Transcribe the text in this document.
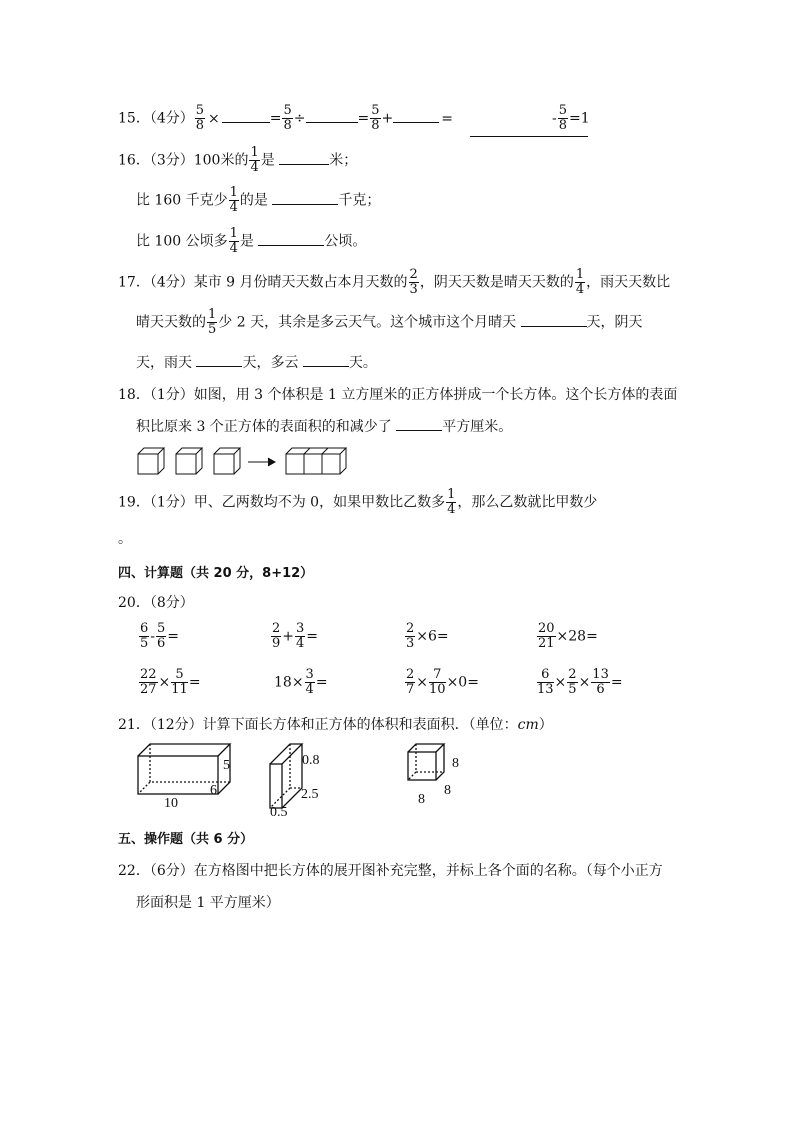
15．（4分） $\frac{5}{8}$ ×	= $\frac{5}{8}$ ÷	= $\frac{5}{8}$ +	=	- $\frac{5}{8} =1$
16．（3分）100米的 $\frac{1}{4}$ 是	米；
比 160 千克少 $\frac{1}{4}$ 的是	千克；
比 100 公顷多 $\frac{1}{4}$ 是	公顷。
17．（4分）某市 9 月份晴天天数占本月天数的 $\frac{2}{3}$ ，阴天天数是晴天天数的 $\frac{1}{4}$ ，雨天天数比
晴天天数的 $\frac{1}{5}$ 少 2 天，其余是多云天气。这个城市这个月晴天	天，阴天
天，雨天	天，多云	天。
18．（1分）如图，用 3 个体积是 1 立方厘米的正方体拼成一个长方体。这个长方体的表面
积比原来 3 个正方体的表面积的和减少了	平方厘米。
19．（1分）甲、乙两数均不为 0，如果甲数比乙数多 $\frac{1}{4}$ ，那么乙数就比甲数少
。
四、计算题（共 20 分，8+12）
20．（8分）
$\frac{6}{5} - \frac{5}{6}$ =	$\frac{2}{9} + \frac{3}{4}$ =	$\frac{2}{3} \times 6=$	$\frac{20}{21} \times 28=$
$\frac{22}{27} \times \frac{5}{11}$ =	$18\times \frac{3}{4}$ =	$\frac{2}{7} \times \frac{7}{10} \times 0=$	$\frac{6}{13} \times \frac{2}{5} \times \frac{13}{6}$ =
21．（12分）计算下面长方体和正方体的体积和表面积．（单位：cm）
5
6
10
0.8
2.5
0.5
8
8
8
五、操作题（共 6 分）
22．（6分）在方格图中把长方体的展开图补充完整，并标上各个面的名称。（每个小正方
形面积是 1 平方厘米）
